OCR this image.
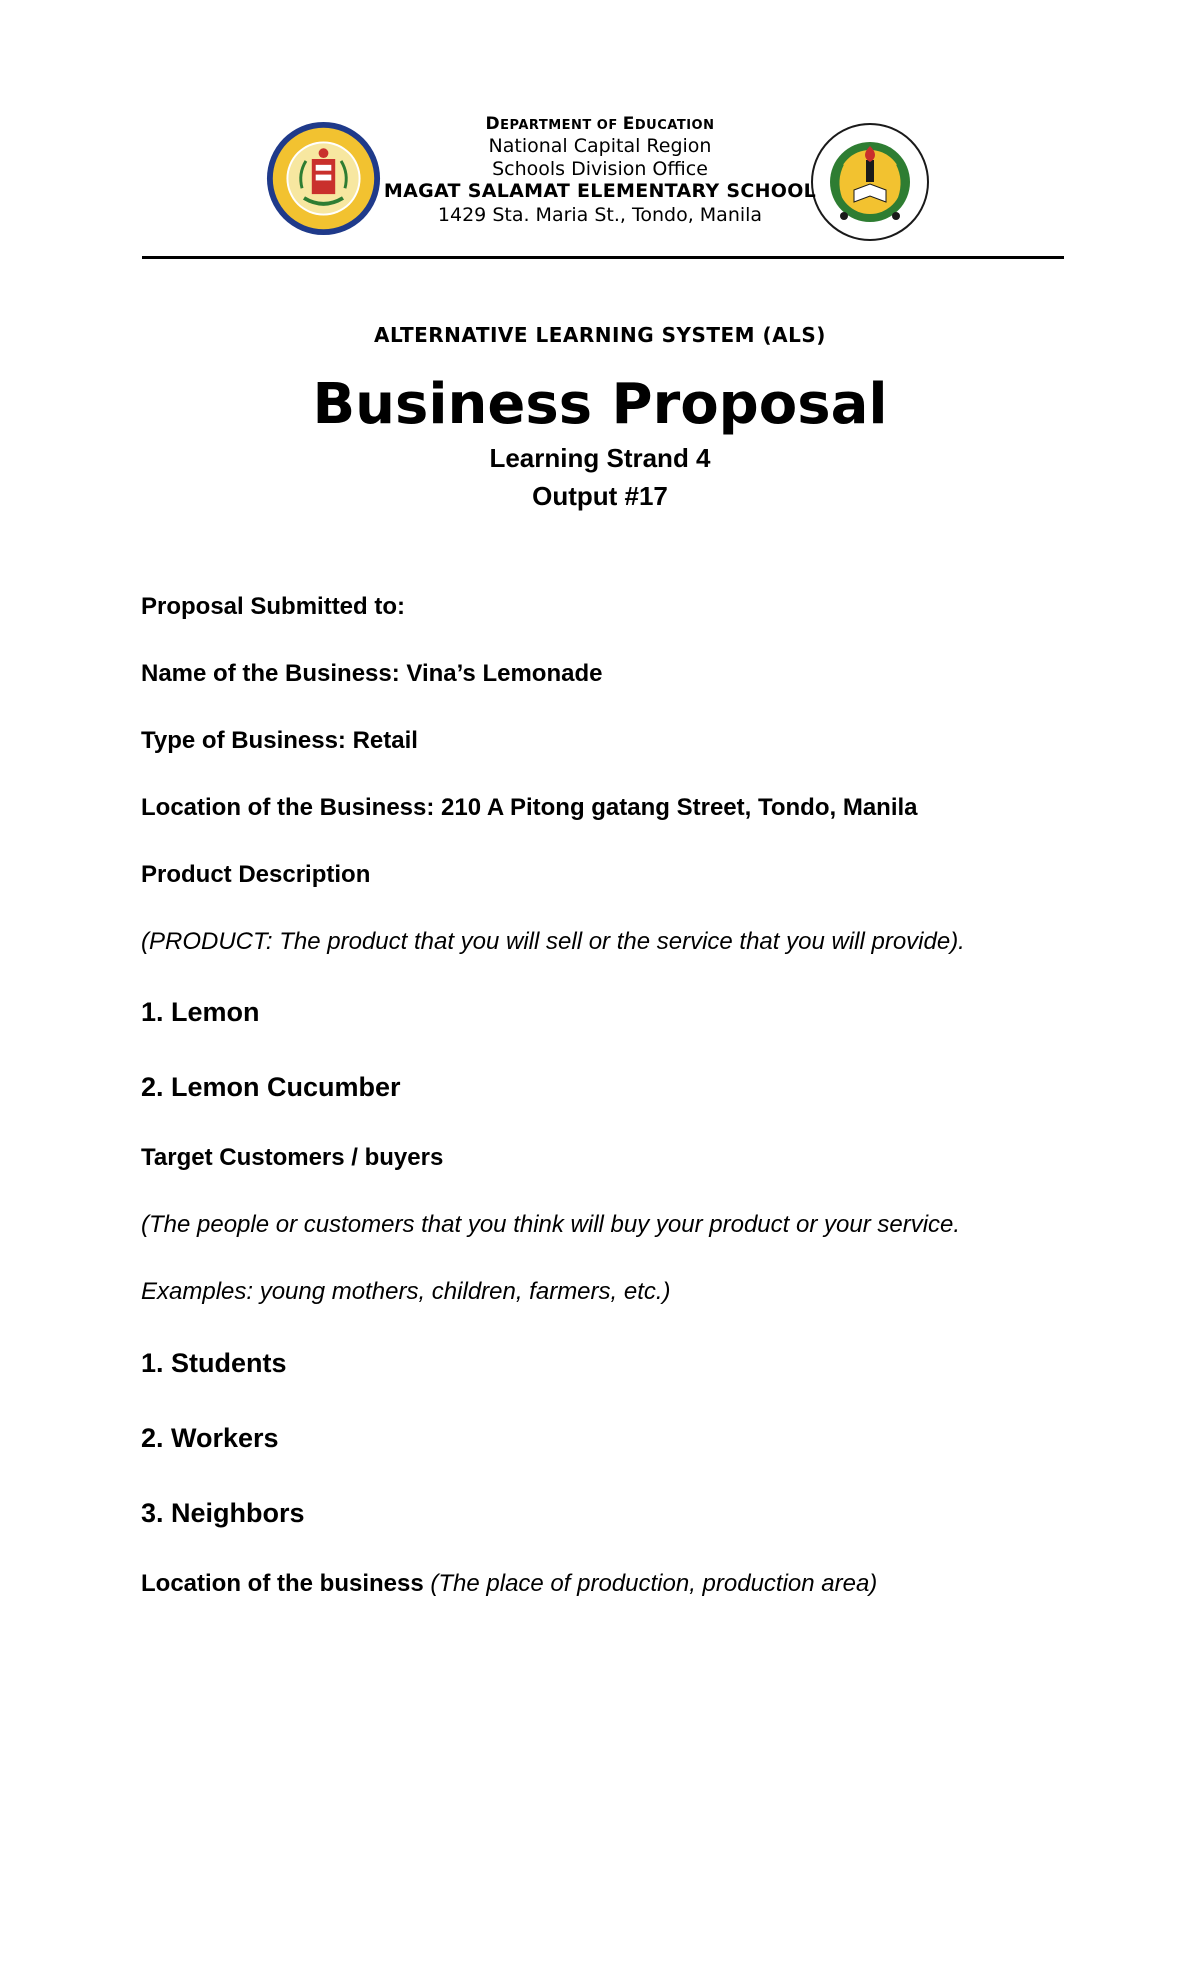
DEPARTMENT OF EDUCATION
National Capital Region
Schools Division Office
MAGAT SALAMAT ELEMENTARY SCHOOL
1429 Sta. Maria St., Tondo, Manila
ALTERNATIVE LEARNING SYSTEM (ALS)
Business Proposal
Learning Strand 4
Output #17
Proposal Submitted to:
Name of the Business: Vina’s Lemonade
Type of Business: Retail
Location of the Business: 210 A Pitong gatang Street, Tondo, Manila
Product Description
(PRODUCT: The product that you will sell or the service that you will provide).
1. Lemon
2. Lemon Cucumber
Target Customers / buyers
(The people or customers that you think will buy your product or your service.
Examples: young mothers, children, farmers, etc.)
1. Students
2. Workers
3. Neighbors
Location of the business (The place of production, production area)
